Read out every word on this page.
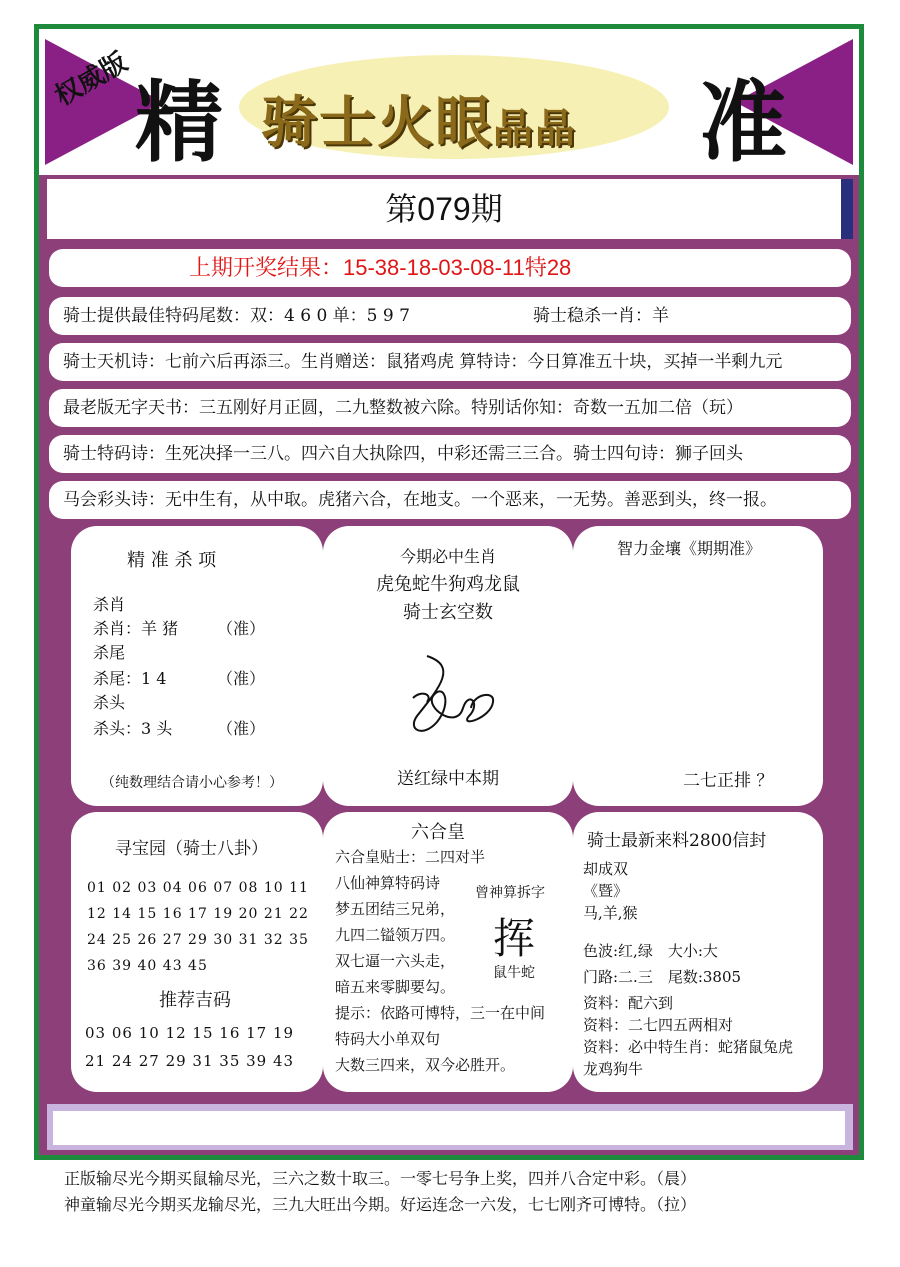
权威版 精 骑士火眼晶晶 准
第079期
上期开奖结果：15-38-18-03-08-11特28
骑士提供最佳特码尾数：双：4 6 0 单：5 9 7	骑士稳杀一肖：羊
骑士天机诗：七前六后再添三。生肖赠送：鼠猪鸡虎 算特诗：今日算准五十块，买掉一半剩九元
最老版无字天书：三五刚好月正圆，二九整数被六除。特别话你知：奇数一五加二倍（玩）
骑士特码诗：生死决择一三八。四六自大执除四，中彩还需三三合。骑士四句诗：狮子回头
马会彩头诗：无中生有，从中取。虎猪六合，在地支。一个恶来，一无势。善恶到头，终一报。
精 准 杀 项
杀肖
杀肖：羊 猪 （准）
杀尾
杀尾：1 4	（准）
杀头
杀头：3 头	（准）
（纯数理结合请小心参考！）
今期必中生肖
虎兔蛇牛狗鸡龙鼠
骑士玄空数
送红绿中本期
智力金壤《期期准》
二七正排 ？
寻宝园（骑士八卦）
01 02 03 04 06 07 08 10 11
12 14 15 16 17 19 20 21 22
24 25 26 27 29 30 31 32 35
36 39 40 43 45
推荐吉码
03 06 10 12 15 16 17 19
21 24 27 29 31 35 39 43
六合皇
六合皇贴士：二四对半
八仙神算特码诗
梦五团结三兄弟，
九四二镒领万四。
双七逼一六头走，
暗五来零脚要勾。
提示：依路可博特，三一在中间
特码大小单双句
大数三四来，双今必胜开。
曾神算拆字
挥
鼠牛蛇
骑士最新来料2800信封
却成双
《暨》
马,羊,猴
色波:红,绿　大小:大
门路:二.三　尾数:3805
资料：配六到
资料：二七四五两相对
资料：必中特生肖：蛇猪鼠兔虎
龙鸡狗牛
正版输尽光今期买鼠输尽光，三六之数十取三。一零七号争上奖，四并八合定中彩。（晨）
神童输尽光今期买龙输尽光，三九大旺出今期。好运连念一六发，七七刚齐可博特。（拉）
